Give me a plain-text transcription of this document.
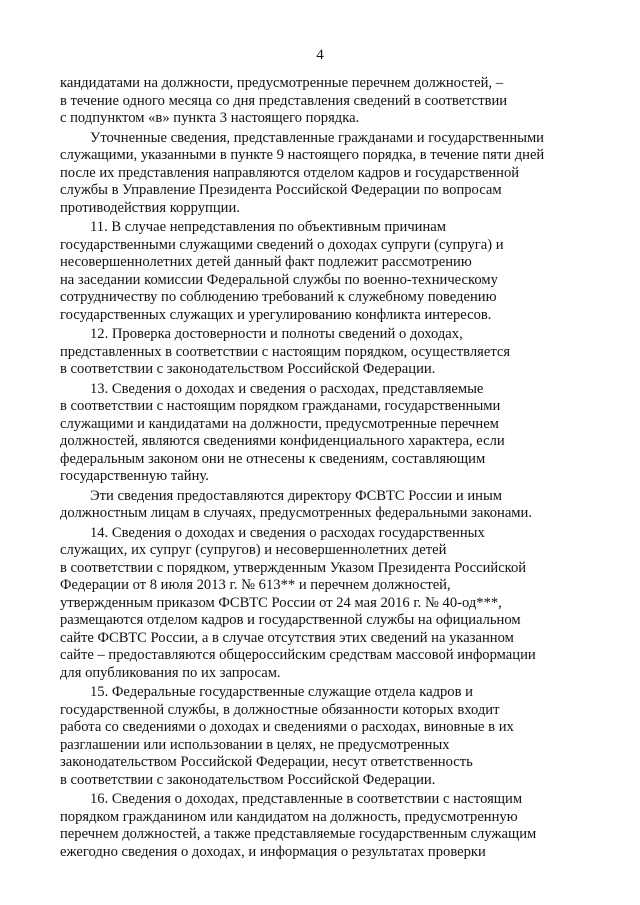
4

кандидатами на должности, предусмотренные перечнем должностей, –
в течение одного месяца со дня представления сведений в соответствии
с подпунктом «в» пункта 3 настоящего порядка.

Уточненные сведения, представленные гражданами и государственными
служащими, указанными в пункте 9 настоящего порядка, в течение пяти дней
после их представления направляются отделом кадров и государственной
службы в Управление Президента Российской Федерации по вопросам
противодействия коррупции.

11. В случае непредставления по объективным причинам
государственными служащими сведений о доходах супруги (супруга) и
несовершеннолетних детей данный факт подлежит рассмотрению
на заседании комиссии Федеральной службы по военно-техническому
сотрудничеству по соблюдению требований к служебному поведению
государственных служащих и урегулированию конфликта интересов.

12. Проверка достоверности и полноты сведений о доходах,
представленных в соответствии с настоящим порядком, осуществляется
в соответствии с законодательством Российской Федерации.

13. Сведения о доходах и сведения о расходах, представляемые
в соответствии с настоящим порядком гражданами, государственными
служащими и кандидатами на должности, предусмотренные перечнем
должностей, являются сведениями конфиденциального характера, если
федеральным законом они не отнесены к сведениям, составляющим
государственную тайну.

Эти сведения предоставляются директору ФСВТС России и иным
должностным лицам в случаях, предусмотренных федеральными законами.

14. Сведения о доходах и сведения о расходах государственных
служащих, их супруг (супругов) и несовершеннолетних детей
в соответствии с порядком, утвержденным Указом Президента Российской
Федерации от 8 июля 2013 г. № 613** и перечнем должностей,
утвержденным приказом ФСВТС России от 24 мая 2016 г. № 40-од***,
размещаются отделом кадров и государственной службы на официальном
сайте ФСВТС России, а в случае отсутствия этих сведений на указанном
сайте – предоставляются общероссийским средствам массовой информации
для опубликования по их запросам.

15. Федеральные государственные служащие отдела кадров и
государственной службы, в должностные обязанности которых входит
работа со сведениями о доходах и сведениями о расходах, виновные в их
разглашении или использовании в целях, не предусмотренных
законодательством Российской Федерации, несут ответственность
в соответствии с законодательством Российской Федерации.

16. Сведения о доходах, представленные в соответствии с настоящим
порядком гражданином или кандидатом на должность, предусмотренную
перечнем должностей, а также представляемые государственным служащим
ежегодно сведения о доходах, и информация о результатах проверки
